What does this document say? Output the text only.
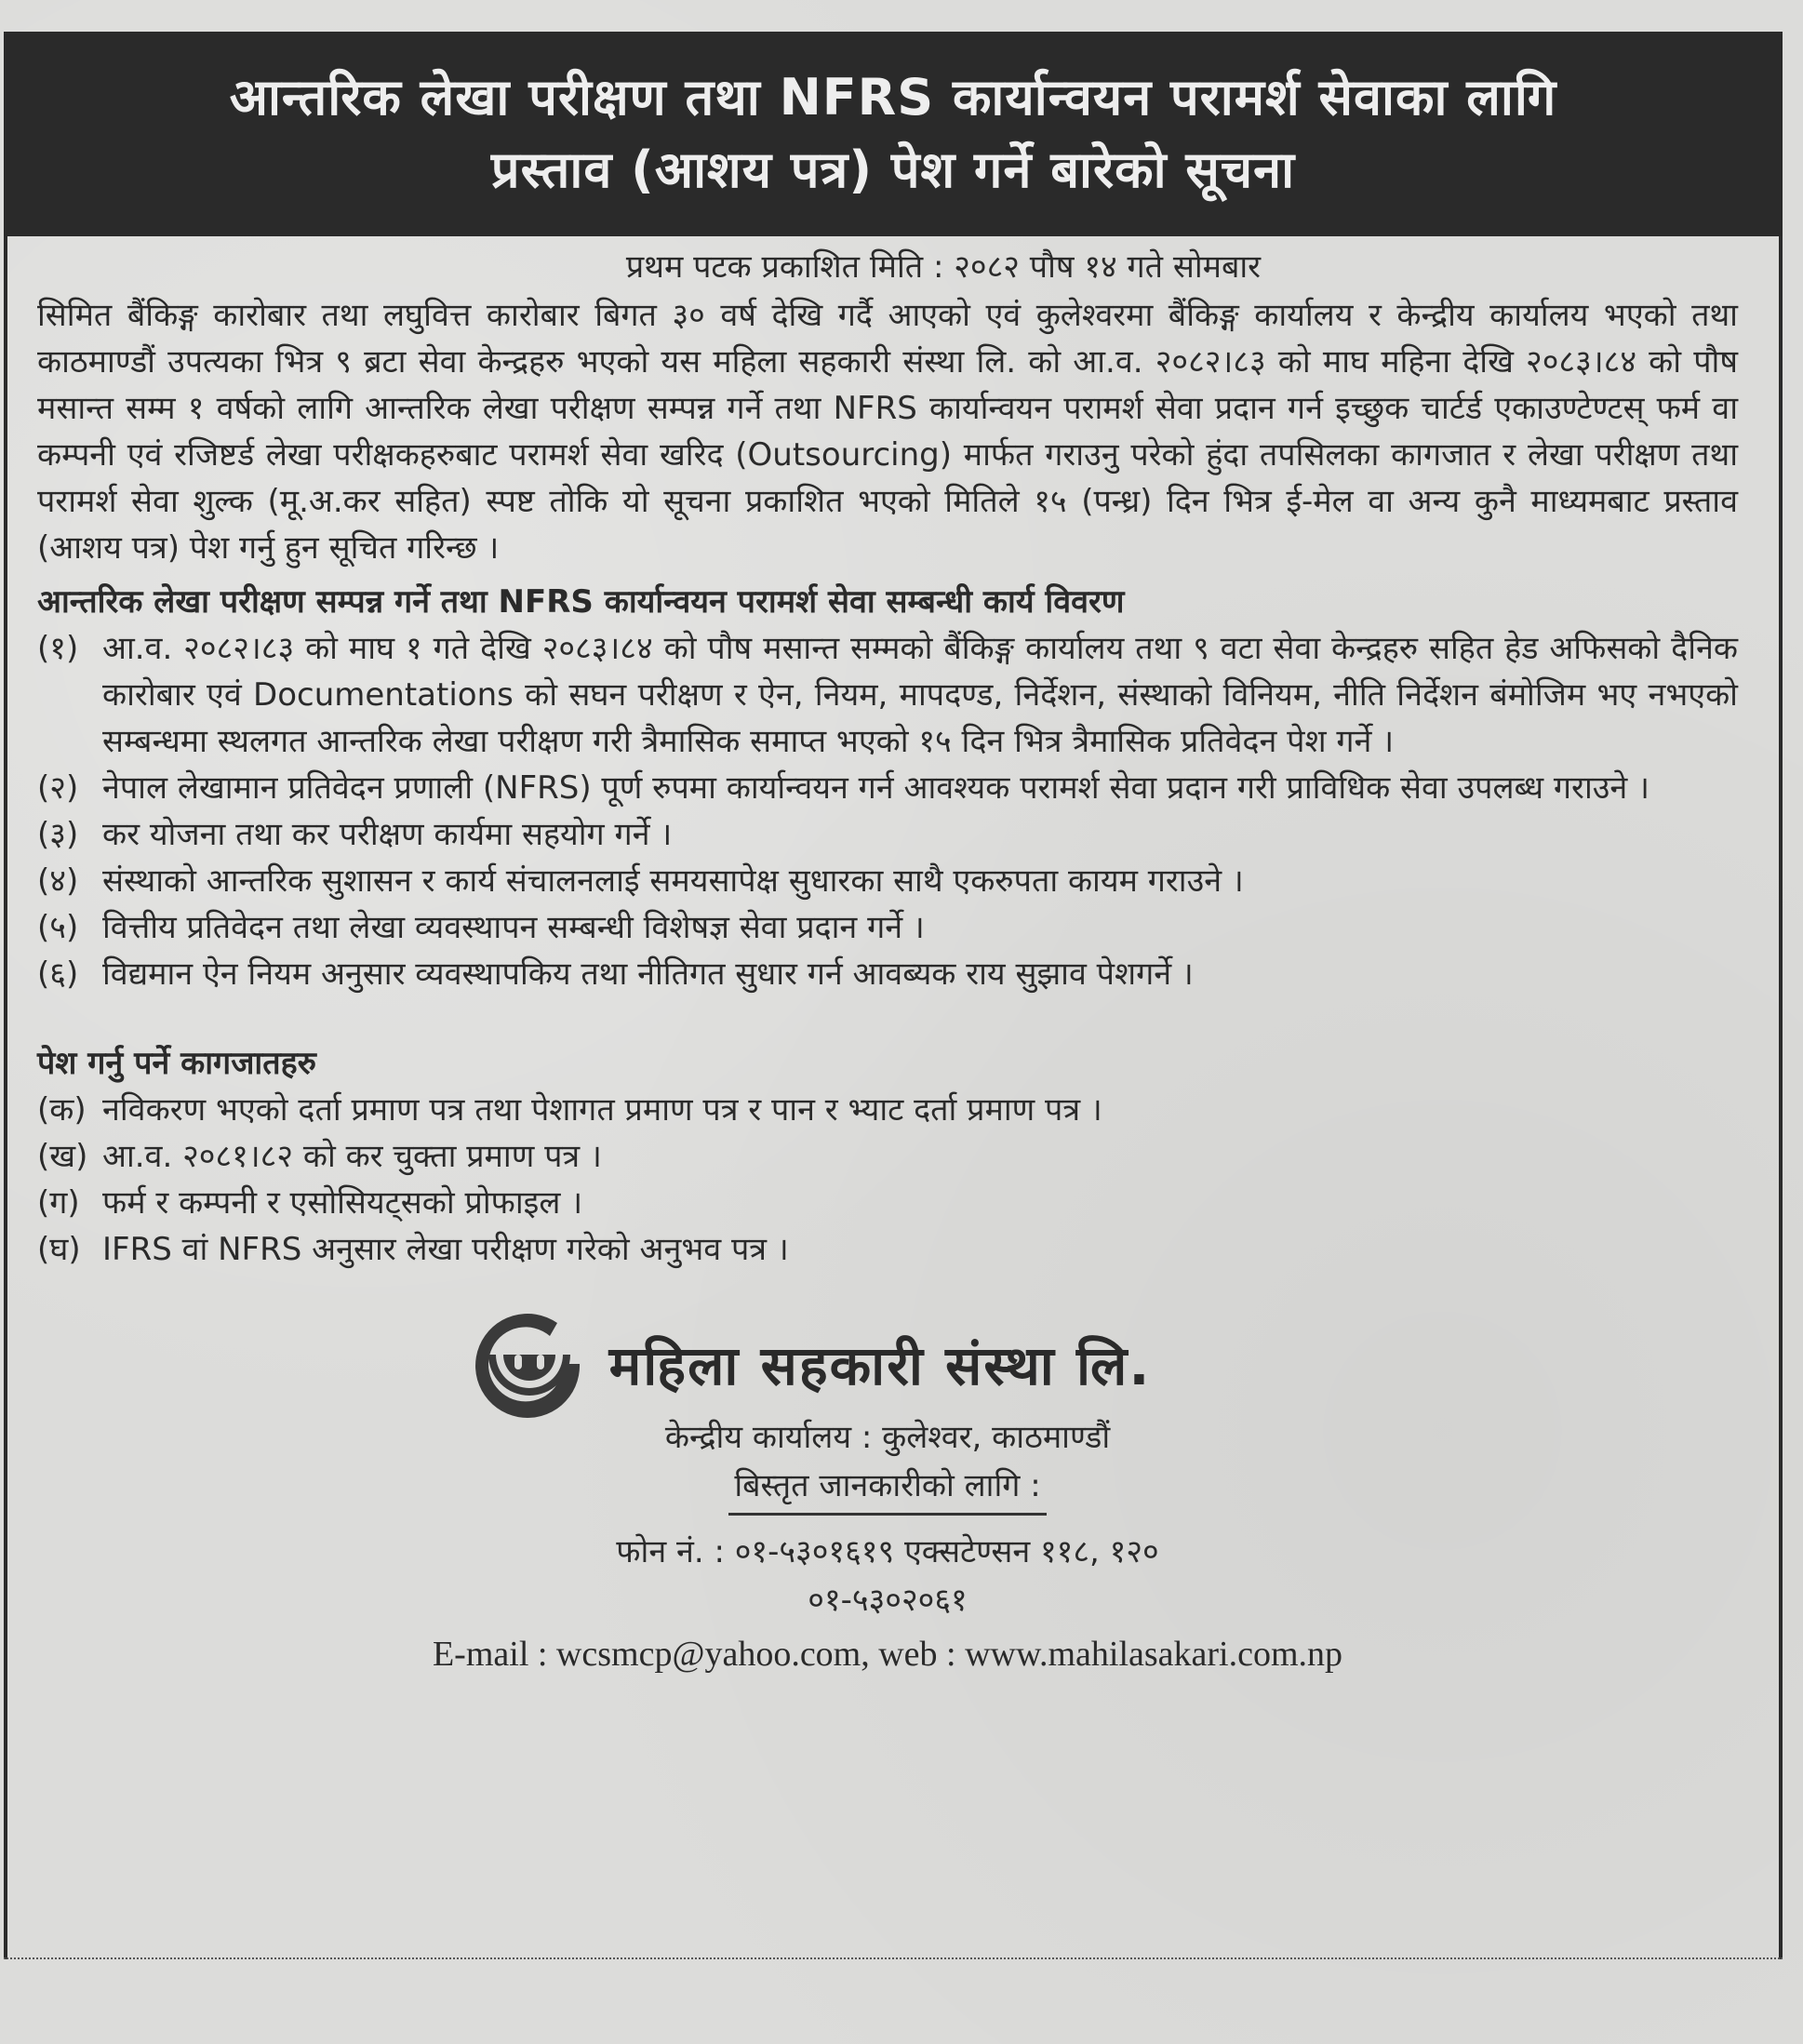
आन्तरिक लेखा परीक्षण तथा NFRS कार्यान्वयन परामर्श सेवाका लागि
प्रस्ताव (आशय पत्र) पेश गर्ने बारेको सूचना
प्रथम पटक प्रकाशित मिति : २०८२ पौष १४ गते सोमबार
सिमित बैंकिङ्ग कारोबार तथा लघुवित्त कारोबार बिगत ३० वर्ष देखि गर्दै आएको एवं कुलेश्वरमा बैंकिङ्ग कार्यालय र केन्द्रीय कार्यालय भएको तथा काठमाण्डौं उपत्यका भित्र ९ ब्रटा सेवा केन्द्रहरु भएको यस महिला सहकारी संस्था लि. को आ.व. २०८२।८३ को माघ महिना देखि २०८३।८४ को पौष मसान्त सम्म १ वर्षको लागि आन्तरिक लेखा परीक्षण सम्पन्न गर्ने तथा NFRS कार्यान्वयन परामर्श सेवा प्रदान गर्न इच्छुक चार्टर्ड एकाउण्टेण्टस् फर्म वा कम्पनी एवं रजिष्टर्ड लेखा परीक्षकहरुबाट परामर्श सेवा खरिद (Outsourcing) मार्फत गराउनु परेको हुंदा तपसिलका कागजात र लेखा परीक्षण तथा परामर्श सेवा शुल्क (मू.अ.कर सहित) स्पष्ट तोकि यो सूचना प्रकाशित भएको मितिले १५ (पन्ध्र) दिन भित्र ई-मेल वा अन्य कुनै माध्यमबाट प्रस्ताव (आशय पत्र) पेश गर्नु हुन सूचित गरिन्छ ।
आन्तरिक लेखा परीक्षण सम्पन्न गर्ने तथा NFRS कार्यान्वयन परामर्श सेवा सम्बन्धी कार्य विवरण
(१) आ.व. २०८२।८३ को माघ १ गते देखि २०८३।८४ को पौष मसान्त सम्मको बैंकिङ्ग कार्यालय तथा ९ वटा सेवा केन्द्रहरु सहित हेड अफिसको दैनिक कारोबार एवं Documentations को सघन परीक्षण र ऐन, नियम, मापदण्ड, निर्देशन, संस्थाको विनियम, नीति निर्देशन बंमोजिम भए नभएको सम्बन्धमा स्थलगत आन्तरिक लेखा परीक्षण गरी त्रैमासिक समाप्त भएको १५ दिन भित्र त्रैमासिक प्रतिवेदन पेश गर्ने ।
(२) नेपाल लेखामान प्रतिवेदन प्रणाली (NFRS) पूर्ण रुपमा कार्यान्वयन गर्न आवश्यक परामर्श सेवा प्रदान गरी प्राविधिक सेवा उपलब्ध गराउने ।
(३) कर योजना तथा कर परीक्षण कार्यमा सहयोग गर्ने ।
(४) संस्थाको आन्तरिक सुशासन र कार्य संचालनलाई समयसापेक्ष सुधारका साथै एकरुपता कायम गराउने ।
(५) वित्तीय प्रतिवेदन तथा लेखा व्यवस्थापन सम्बन्धी विशेषज्ञ सेवा प्रदान गर्ने ।
(६) विद्यमान ऐन नियम अनुसार व्यवस्थापकिय तथा नीतिगत सुधार गर्न आवब्यक राय सुझाव पेशगर्ने ।
पेश गर्नु पर्ने कागजातहरु
(क) नविकरण भएको दर्ता प्रमाण पत्र तथा पेशागत प्रमाण पत्र र पान र भ्याट दर्ता प्रमाण पत्र ।
(ख) आ.व. २०८१।८२ को कर चुक्ता प्रमाण पत्र ।
(ग) फर्म र कम्पनी र एसोसियट्सको प्रोफाइल ।
(घ) IFRS वां NFRS अनुसार लेखा परीक्षण गरेको अनुभव पत्र ।
महिला सहकारी संस्था लि.
केन्द्रीय कार्यालय : कुलेश्वर, काठमाण्डौं
बिस्तृत जानकारीको लागि :
फोन नं. : ०१-५३०१६१९ एक्सटेण्सन ११८, १२०
०१-५३०२०६१
E-mail : wcsmcp@yahoo.com, web : www.mahilasakari.com.np
